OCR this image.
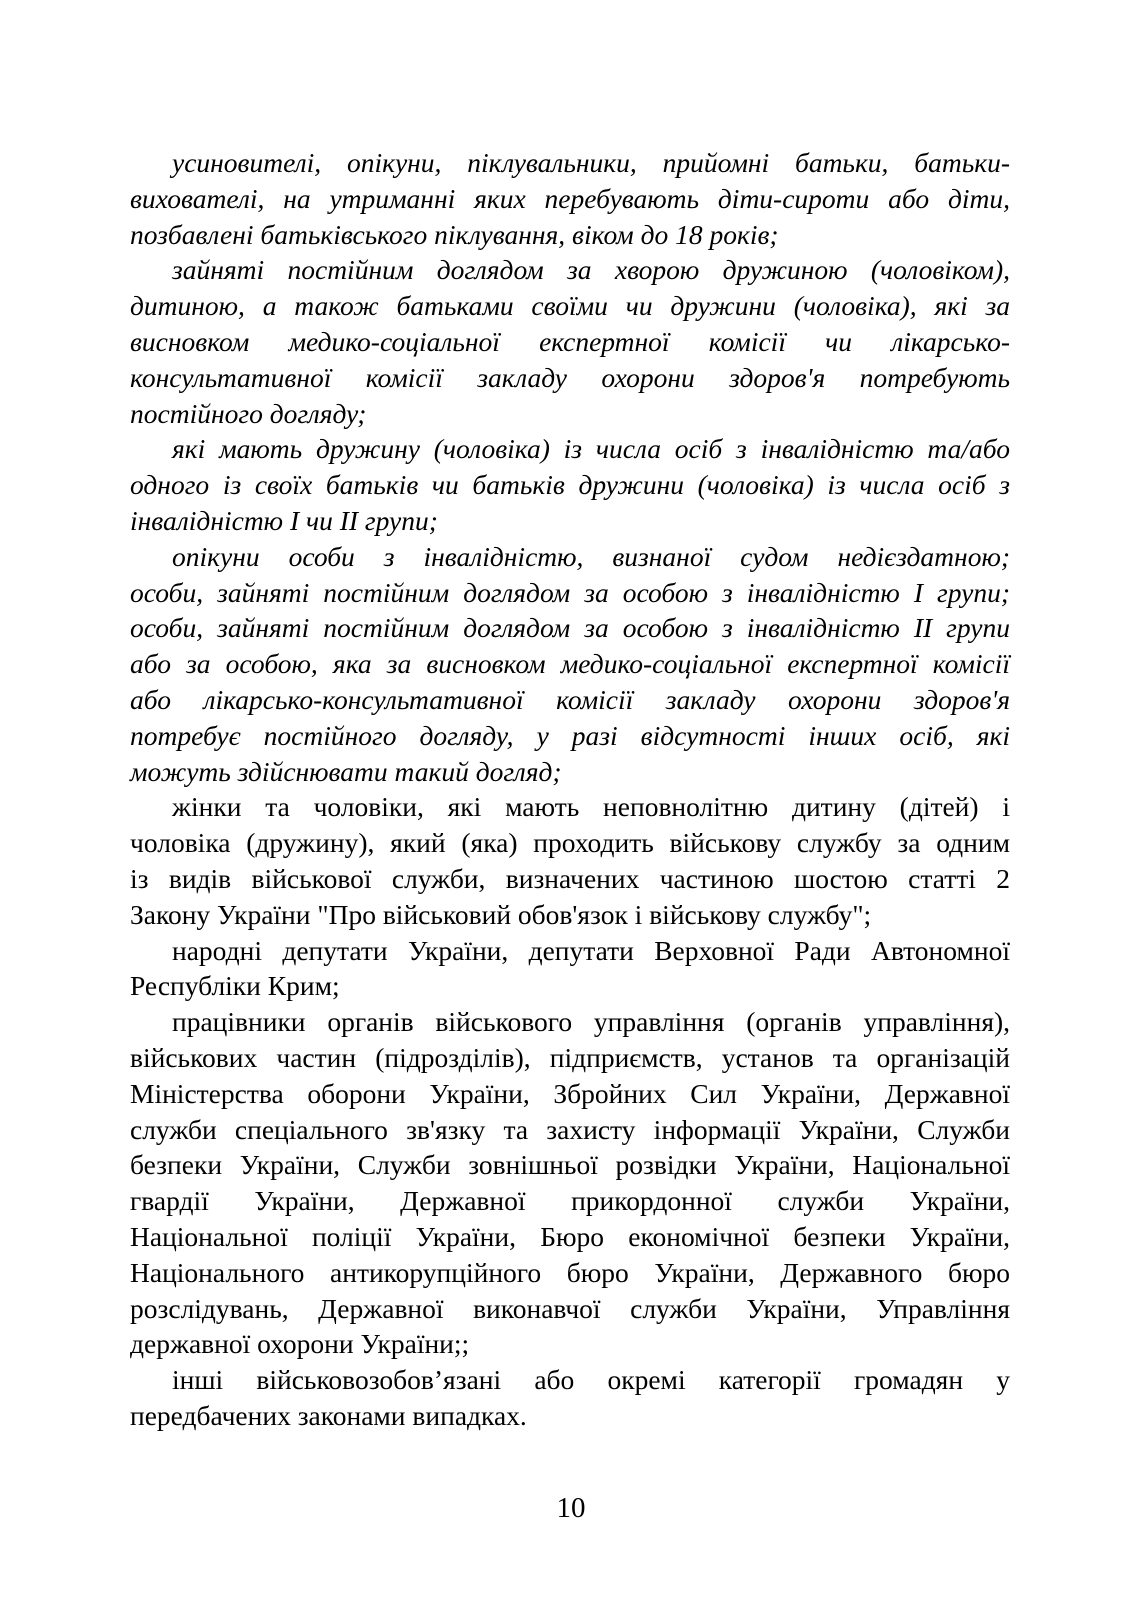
усиновителі, опікуни, піклувальники, прийомні батьки, батьки-
вихователі, на утриманні яких перебувають діти-сироти або діти,
позбавлені батьківського піклування, віком до 18 років;

зайняті постійним доглядом за хворою дружиною (чоловіком),
дитиною, а також батьками своїми чи дружини (чоловіка), які за
висновком медико-соціальної експертної комісії чи лікарсько-
консультативної комісії закладу охорони здоров'я потребують
постійного догляду;

які мають дружину (чоловіка) із числа осіб з інвалідністю та/або
одного із своїх батьків чи батьків дружини (чоловіка) із числа осіб з
інвалідністю I чи II групи;

опікуни особи з інвалідністю, визнаної судом недієздатною;
особи, зайняті постійним доглядом за особою з інвалідністю I групи;
особи, зайняті постійним доглядом за особою з інвалідністю II групи
або за особою, яка за висновком медико-соціальної експертної комісії
або лікарсько-консультативної комісії закладу охорони здоров'я
потребує постійного догляду, у разі відсутності інших осіб, які
можуть здійснювати такий догляд;

жінки та чоловіки, які мають неповнолітню дитину (дітей) і
чоловіка (дружину), який (яка) проходить військову службу за одним
із видів військової служби, визначених частиною шостою статті 2
Закону України "Про військовий обов'язок і військову службу";

народні депутати України, депутати Верховної Ради Автономної
Республіки Крим;

працівники органів військового управління (органів управління),
військових частин (підрозділів), підприємств, установ та організацій
Міністерства оборони України, Збройних Сил України, Державної
служби спеціального зв'язку та захисту інформації України, Служби
безпеки України, Служби зовнішньої розвідки України, Національної
гвардії України, Державної прикордонної служби України,
Національної поліції України, Бюро економічної безпеки України,
Національного антикорупційного бюро України, Державного бюро
розслідувань, Державної виконавчої служби України, Управління
державної охорони України;;

інші військовозобов’язані або окремі категорії громадян у
передбачених законами випадках.

10
